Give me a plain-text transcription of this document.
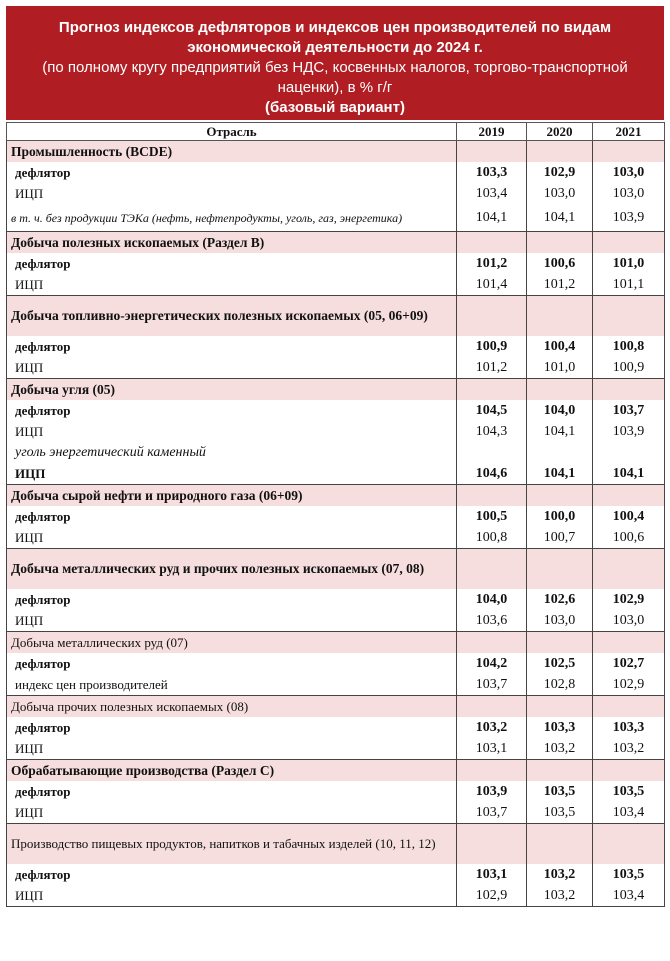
Прогноз индексов дефляторов и индексов цен производителей по видам
экономической деятельности до 2024 г.
(по полному кругу предприятий без НДС, косвенных налогов, торгово-транспортной
наценки), в % г/г
(базовый вариант)
Отрасль	2019	2020	2021
Промышленность (BCDE)			
дефлятор	103,3	102,9	103,0
ИЦП	103,4	103,0	103,0
в т. ч. без продукции ТЭКа (нефть, нефтепродукты, уголь, газ, энергетика)	104,1	104,1	103,9
Добыча полезных ископаемых (Раздел B)			
дефлятор	101,2	100,6	101,0
ИЦП	101,4	101,2	101,1
Добыча топливно-энергетических полезных ископаемых (05, 06+09)			
дефлятор	100,9	100,4	100,8
ИЦП	101,2	101,0	100,9
Добыча угля (05)			
дефлятор	104,5	104,0	103,7
ИЦП	104,3	104,1	103,9
уголь энергетический каменный			
ИЦП	104,6	104,1	104,1
Добыча сырой нефти и природного газа (06+09)			
дефлятор	100,5	100,0	100,4
ИЦП	100,8	100,7	100,6
Добыча металлических руд и прочих полезных ископаемых (07, 08)			
дефлятор	104,0	102,6	102,9
ИЦП	103,6	103,0	103,0
Добыча металлических руд (07)			
дефлятор	104,2	102,5	102,7
индекс цен производителей	103,7	102,8	102,9
Добыча прочих полезных ископаемых (08)			
дефлятор	103,2	103,3	103,3
ИЦП	103,1	103,2	103,2
Обрабатывающие производства (Раздел C)			
дефлятор	103,9	103,5	103,5
ИЦП	103,7	103,5	103,4
Производство пищевых продуктов, напитков и табачных изделей (10, 11, 12)			
дефлятор	103,1	103,2	103,5
ИЦП	102,9	103,2	103,4
